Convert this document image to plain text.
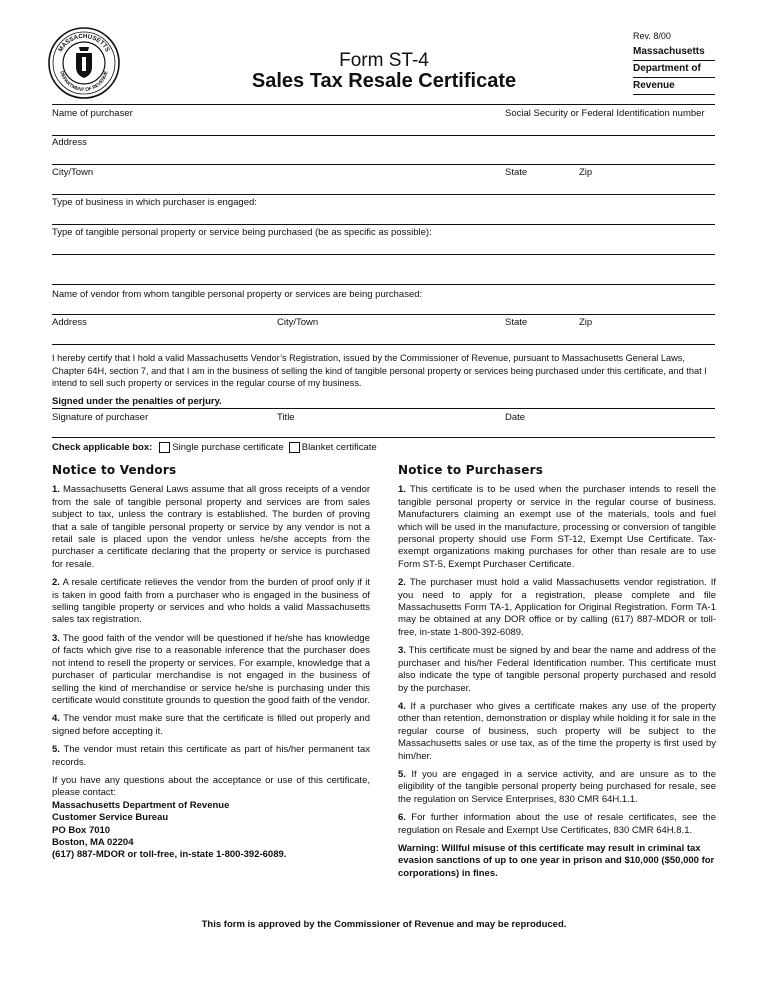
MASSACHUSETTS
DEPARTMENT OF REVENUE
Rev. 8/00
Massachusetts
Department of
Revenue
Form ST-4
Sales Tax Resale Certificate
Name of purchaser	Social Security or Federal Identification number
Address
City/Town	State	Zip
Type of business in which purchaser is engaged:
Type of tangible personal property or service being purchased (be as specific as possible):
Name of vendor from whom tangible personal property or services are being purchased:
Address	City/Town	State	Zip
I hereby certify that I hold a valid Massachusetts Vendor’s Registration, issued by the Commissioner of Revenue, pursuant to Massachusetts General Laws, Chapter 64H, section 7, and that I am in the business of selling the kind of tangible personal property or services being purchased under this certificate, and that I intend to sell such property or services in the regular course of my business.
Signed under the penalties of perjury.
Signature of purchaser	Title	Date
Check applicable box: Single purchase certificate Blanket certificate
Notice to Vendors

1. Massachusetts General Laws assume that all gross receipts of a vendor from the sale of tangible personal property and services are from sales subject to tax, unless the contrary is established. The burden of proving that a sale of tangible personal property or service by any vendor is not a retail sale is placed upon the vendor unless he/she accepts from the purchaser a certificate declaring that the property or service is purchased for resale.

2. A resale certificate relieves the vendor from the burden of proof only if it is taken in good faith from a purchaser who is engaged in the business of selling tangible property or services and who holds a valid Massachusetts sales tax registration.

3. The good faith of the vendor will be questioned if he/she has knowledge of facts which give rise to a reasonable inference that the purchaser does not intend to resell the property or services. For example, knowledge that a purchaser of particular merchandise is not engaged in the business of selling the kind of merchandise or service he/she is purchasing under this certificate would constitute grounds to question the good faith of the vendor.

4. The vendor must make sure that the certificate is filled out properly and signed before accepting it.

5. The vendor must retain this certificate as part of his/her permanent tax records.

If you have any questions about the acceptance or use of this certificate, please contact:

Massachusetts Department of Revenue
Customer Service Bureau
PO Box 7010
Boston, MA 02204
(617) 887-MDOR or toll-free, in-state 1-800-392-6089.
Notice to Purchasers

1. This certificate is to be used when the purchaser intends to resell the tangible personal property or service in the regular course of business. Manufacturers claiming an exempt use of the materials, tools and fuel which will be used in the manufacture, processing or conversion of tangible personal property should use Form ST-12, Exempt Use Certificate. Tax-exempt organizations making purchases for other than resale are to use Form ST-5, Exempt Purchaser Certificate.

2. The purchaser must hold a valid Massachusetts vendor registration. If you need to apply for a registration, please complete and file Massachusetts Form TA-1, Application for Original Registration. Form TA-1 may be obtained at any DOR office or by calling (617) 887-MDOR or toll-free, in-state 1-800-392-6089.

3. This certificate must be signed by and bear the name and address of the purchaser and his/her Federal Identification number. This certificate must also indicate the type of tangible personal property purchased and resold by the purchaser.

4. If a purchaser who gives a certificate makes any use of the property other than retention, demonstration or display while holding it for sale in the regular course of business, such property will be subject to the Massachusetts sales or use tax, as of the time the property is first used by him/her.

5. If you are engaged in a service activity, and are unsure as to the eligibility of the tangible personal property being purchased for resale, see the regulation on Service Enterprises, 830 CMR 64H.1.1.

6. For further information about the use of resale certificates, see the regulation on Resale and Exempt Use Certificates, 830 CMR 64H.8.1.

Warning: Willful misuse of this certificate may result in criminal tax evasion sanctions of up to one year in prison and $10,000 ($50,000 for corporations) in fines.

This form is approved by the Commissioner of Revenue and may be reproduced.
